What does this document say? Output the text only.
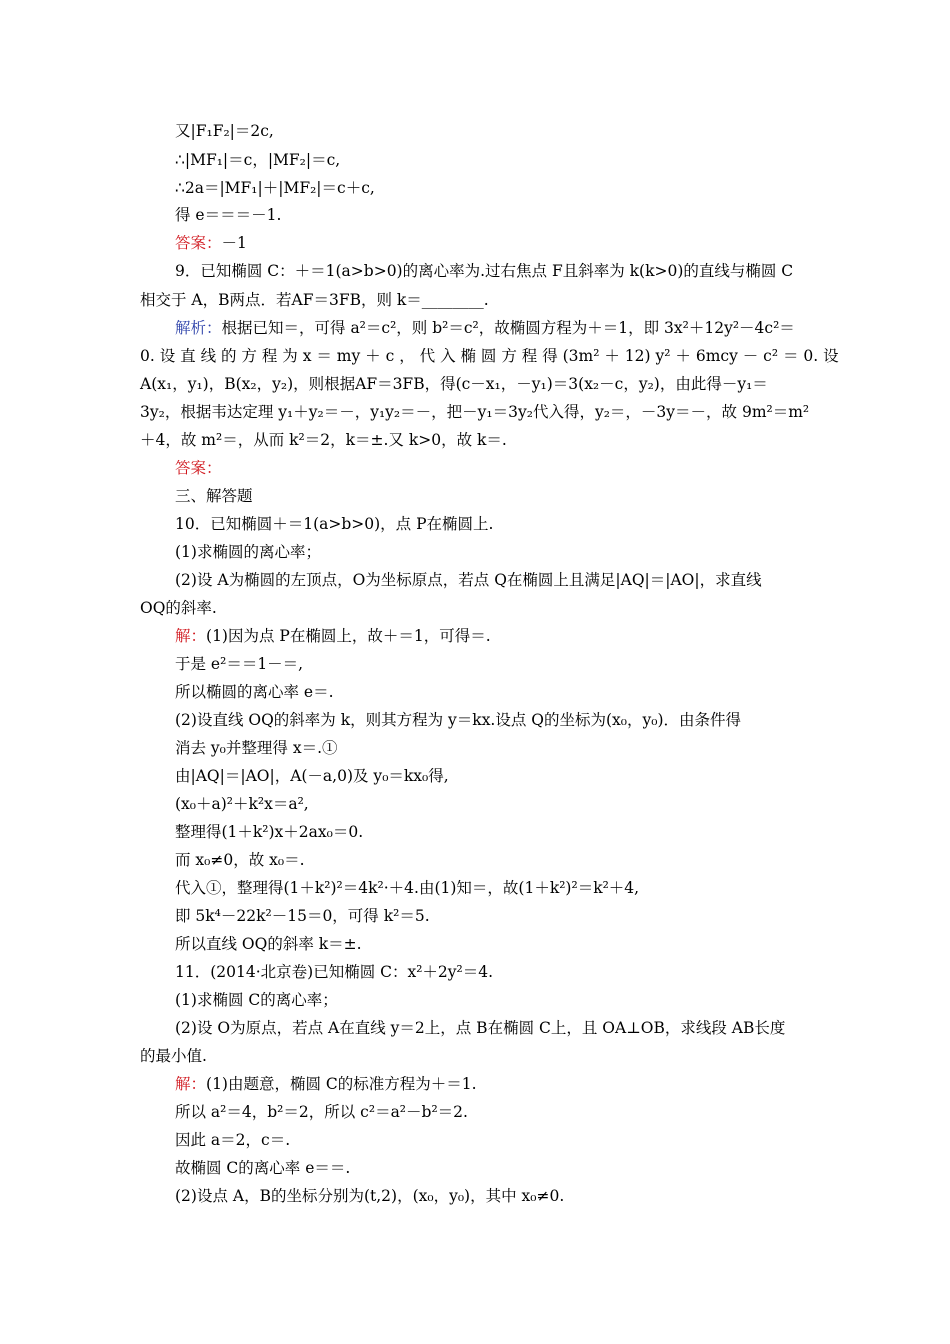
又|F₁F₂|＝2c,

∴|MF₁|＝c，|MF₂|＝c,

∴2a＝|MF₁|＋|MF₂|＝c＋c,

得 e＝＝＝－1.

答案：－1

9．已知椭圆 C：＋＝1(a>b>0)的离心率为.过右焦点 F且斜率为 k(k>0)的直线与椭圆 C

相交于 A，B两点．若AF＝3FB，则 k＝________.

解析：根据已知＝，可得 a²＝c²，则 b²＝c²，故椭圆方程为＋＝1，即 3x²＋12y²－4c²＝

0. 设 直 线 的 方 程 为 x ＝ my ＋ c ， 代 入 椭 圆 方 程 得 (3m² ＋ 12) y² ＋ 6mcy － c² ＝ 0. 设

A(x₁，y₁)，B(x₂，y₂)，则根据AF＝3FB，得(c－x₁，－y₁)＝3(x₂－c，y₂)，由此得－y₁＝

3y₂，根据韦达定理 y₁＋y₂＝－，y₁y₂＝－，把－y₁＝3y₂代入得，y₂＝，－3y＝－，故 9m²＝m²

＋4，故 m²＝，从而 k²＝2，k＝±.又 k>0，故 k＝.

答案：

三、解答题

10．已知椭圆＋＝1(a>b>0)，点 P在椭圆上.

(1)求椭圆的离心率；

(2)设 A为椭圆的左顶点，O为坐标原点，若点 Q在椭圆上且满足|AQ|＝|AO|，求直线

OQ的斜率.

解：(1)因为点 P在椭圆上，故＋＝1，可得＝.

于是 e²＝＝1－＝,

所以椭圆的离心率 e＝.

(2)设直线 OQ的斜率为 k，则其方程为 y＝kx.设点 Q的坐标为(x₀，y₀)．由条件得

消去 y₀并整理得 x＝.①

由|AQ|＝|AO|，A(－a,0)及 y₀＝kx₀得,

(x₀＋a)²＋k²x＝a²,

整理得(1＋k²)x＋2ax₀＝0.

而 x₀≠0，故 x₀＝.

代入①，整理得(1＋k²)²＝4k²·＋4.由(1)知＝，故(1＋k²)²＝k²＋4,

即 5k⁴－22k²－15＝0，可得 k²＝5.

所以直线 OQ的斜率 k＝±.

11．(2014·北京卷)已知椭圆 C：x²＋2y²＝4.

(1)求椭圆 C的离心率；

(2)设 O为原点，若点 A在直线 y＝2上，点 B在椭圆 C上，且 OA⊥OB，求线段 AB长度

的最小值.

解：(1)由题意，椭圆 C的标准方程为＋＝1.

所以 a²＝4，b²＝2，所以 c²＝a²－b²＝2.

因此 a＝2，c＝.

故椭圆 C的离心率 e＝＝.

(2)设点 A，B的坐标分别为(t,2)，(x₀，y₀)，其中 x₀≠0.
